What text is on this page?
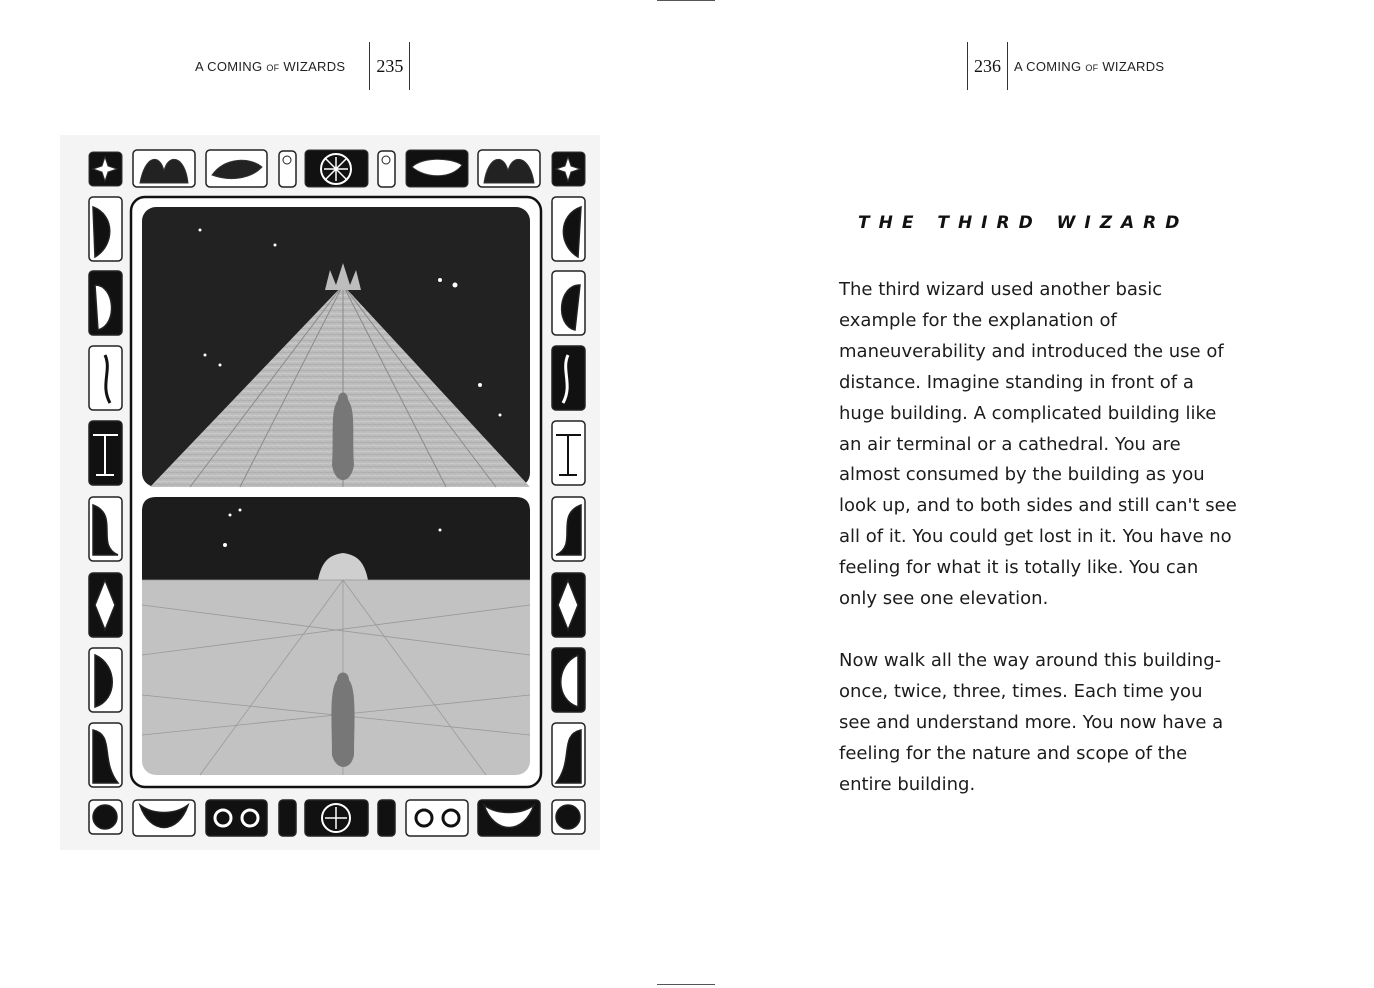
A COMING OF WIZARDS	235	236	A COMING OF WIZARDS
THE THIRD WIZARD

The third wizard used another basic example for the explanation of maneuverability and introduced the use of distance. Imagine standing in front of a huge building. A complicated building like an air terminal or a cathedral. You are almost consumed by the building as you look up, and to both sides and still can't see all of it. You could get lost in it. You have no feeling for what it is totally like. You can only see one elevation.

Now walk all the way around this building- once, twice, three, times. Each time you see and understand more. You now have a feeling for the nature and scope of the entire building.
